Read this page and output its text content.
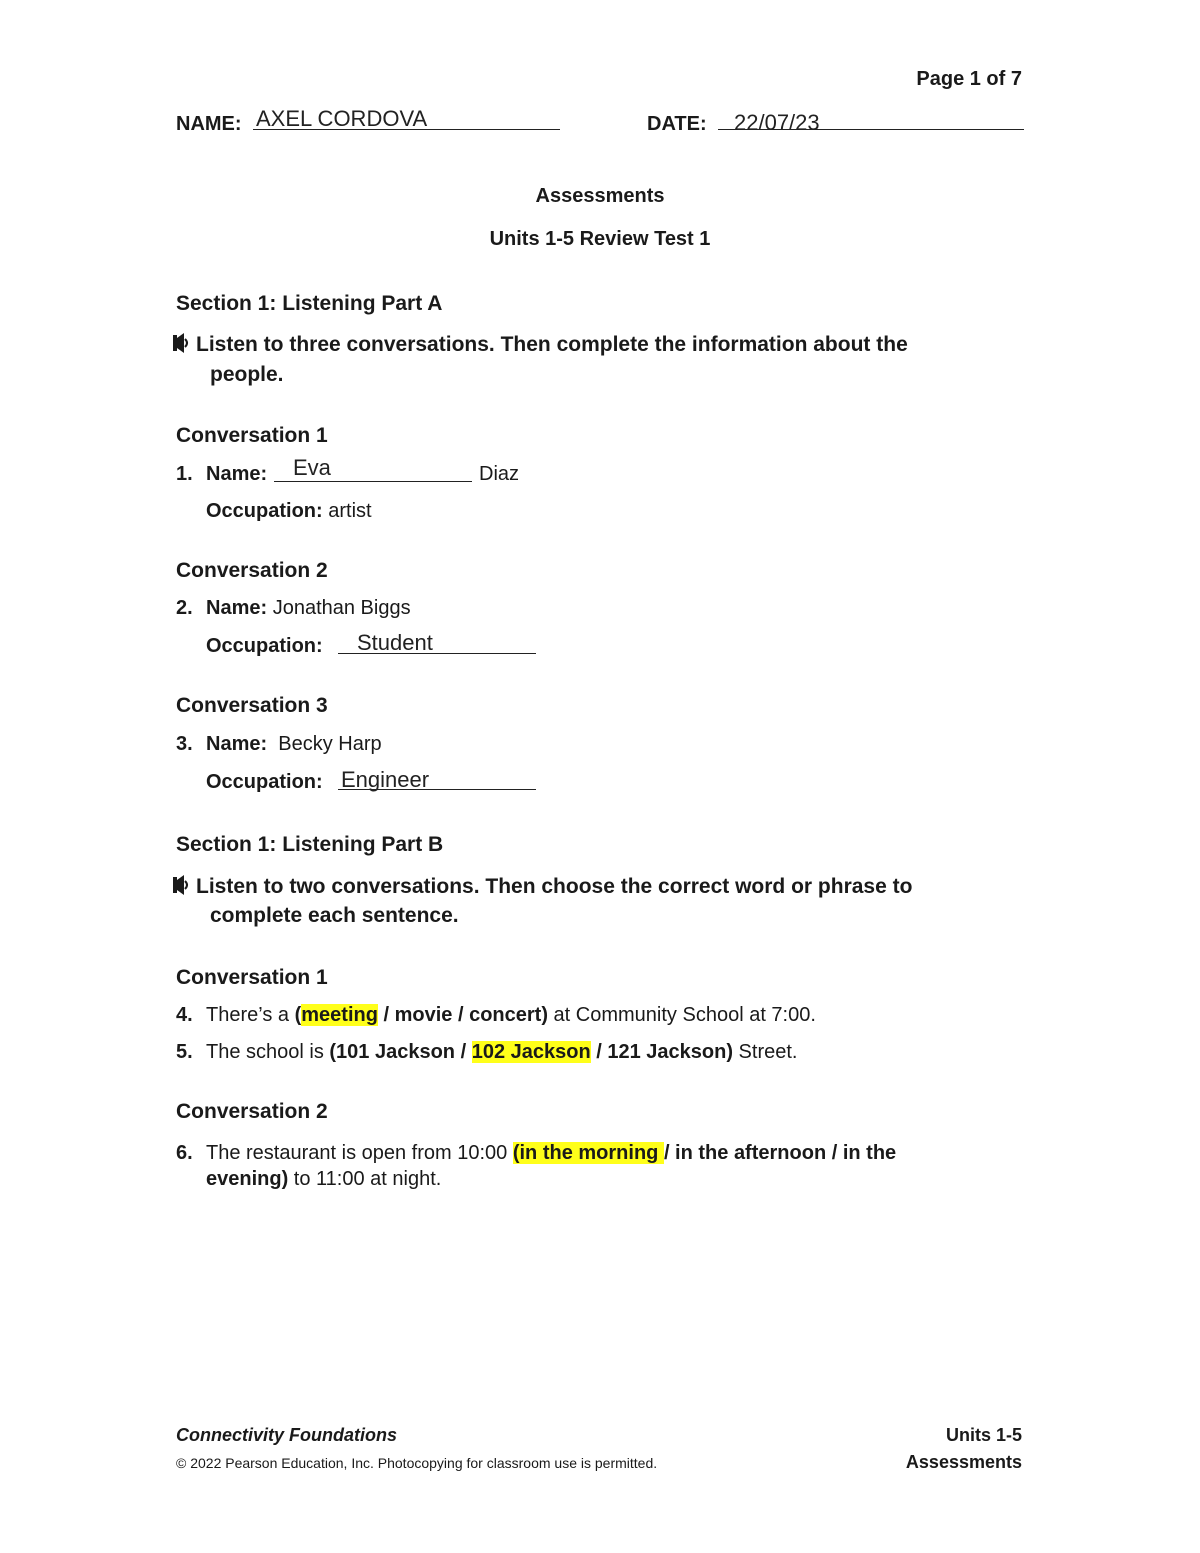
Page 1 of 7
NAME: AXEL CORDOVA	DATE: 22/07/23
Assessments
Units 1-5 Review Test 1
Section 1: Listening Part A
Listen to three conversations. Then complete the information about the
people.
Conversation 1
1. Name: Eva	Diaz
Occupation: artist
Conversation 2
2. Name: Jonathan Biggs
Occupation: Student
Conversation 3
3. Name: Becky Harp
Occupation: Engineer
Section 1: Listening Part B
Listen to two conversations. Then choose the correct word or phrase to
complete each sentence.
Conversation 1
4. There’s a (meeting / movie / concert) at Community School at 7:00.
5. The school is (101 Jackson / 102 Jackson / 121 Jackson) Street.
Conversation 2
6. The restaurant is open from 10:00 (in the morning / in the afternoon / in the
evening) to 11:00 at night.
Connectivity Foundations
© 2022 Pearson Education, Inc. Photocopying for classroom use is permitted.
Units 1-5
Assessments
